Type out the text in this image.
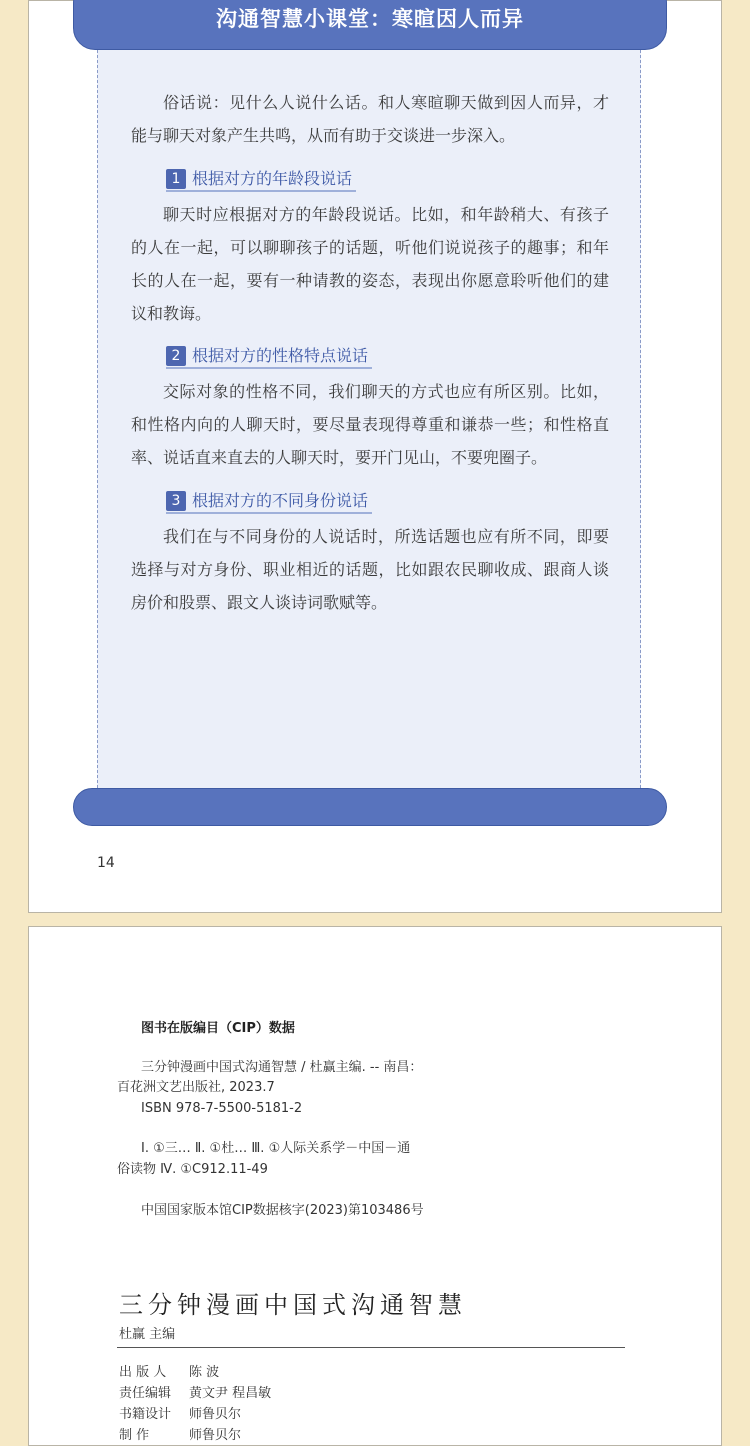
沟通智慧小课堂：寒暄因人而异

俗话说：见什么人说什么话。和人寒暄聊天做到因人而异，才能与聊天对象产生共鸣，从而有助于交谈进一步深入。

1 根据对方的年龄段说话

聊天时应根据对方的年龄段说话。比如，和年龄稍大、有孩子的人在一起，可以聊聊孩子的话题，听他们说说孩子的趣事；和年长的人在一起，要有一种请教的姿态，表现出你愿意聆听他们的建议和教诲。

2 根据对方的性格特点说话

交际对象的性格不同，我们聊天的方式也应有所区别。比如，和性格内向的人聊天时，要尽量表现得尊重和谦恭一些；和性格直率、说话直来直去的人聊天时，要开门见山，不要兜圈子。

3 根据对方的不同身份说话

我们在与不同身份的人说话时，所选话题也应有所不同，即要选择与对方身份、职业相近的话题，比如跟农民聊收成、跟商人谈房价和股票、跟文人谈诗词歌赋等。

14
图书在版编目（CIP）数据
三分钟漫画中国式沟通智慧 / 杜赢主编. -- 南昌：
百花洲文艺出版社, 2023.7
ISBN 978-7-5500-5181-2
Ⅰ. ①三… Ⅱ. ①杜… Ⅲ. ①人际关系学－中国－通
俗读物 Ⅳ. ①C912.11-49
中国国家版本馆CIP数据核字(2023)第103486号
三分钟漫画中国式沟通智慧
杜赢 主编
出 版 人 陈 波
责任编辑 黄文尹 程昌敏
书籍设计 师鲁贝尔
制 作	师鲁贝尔
